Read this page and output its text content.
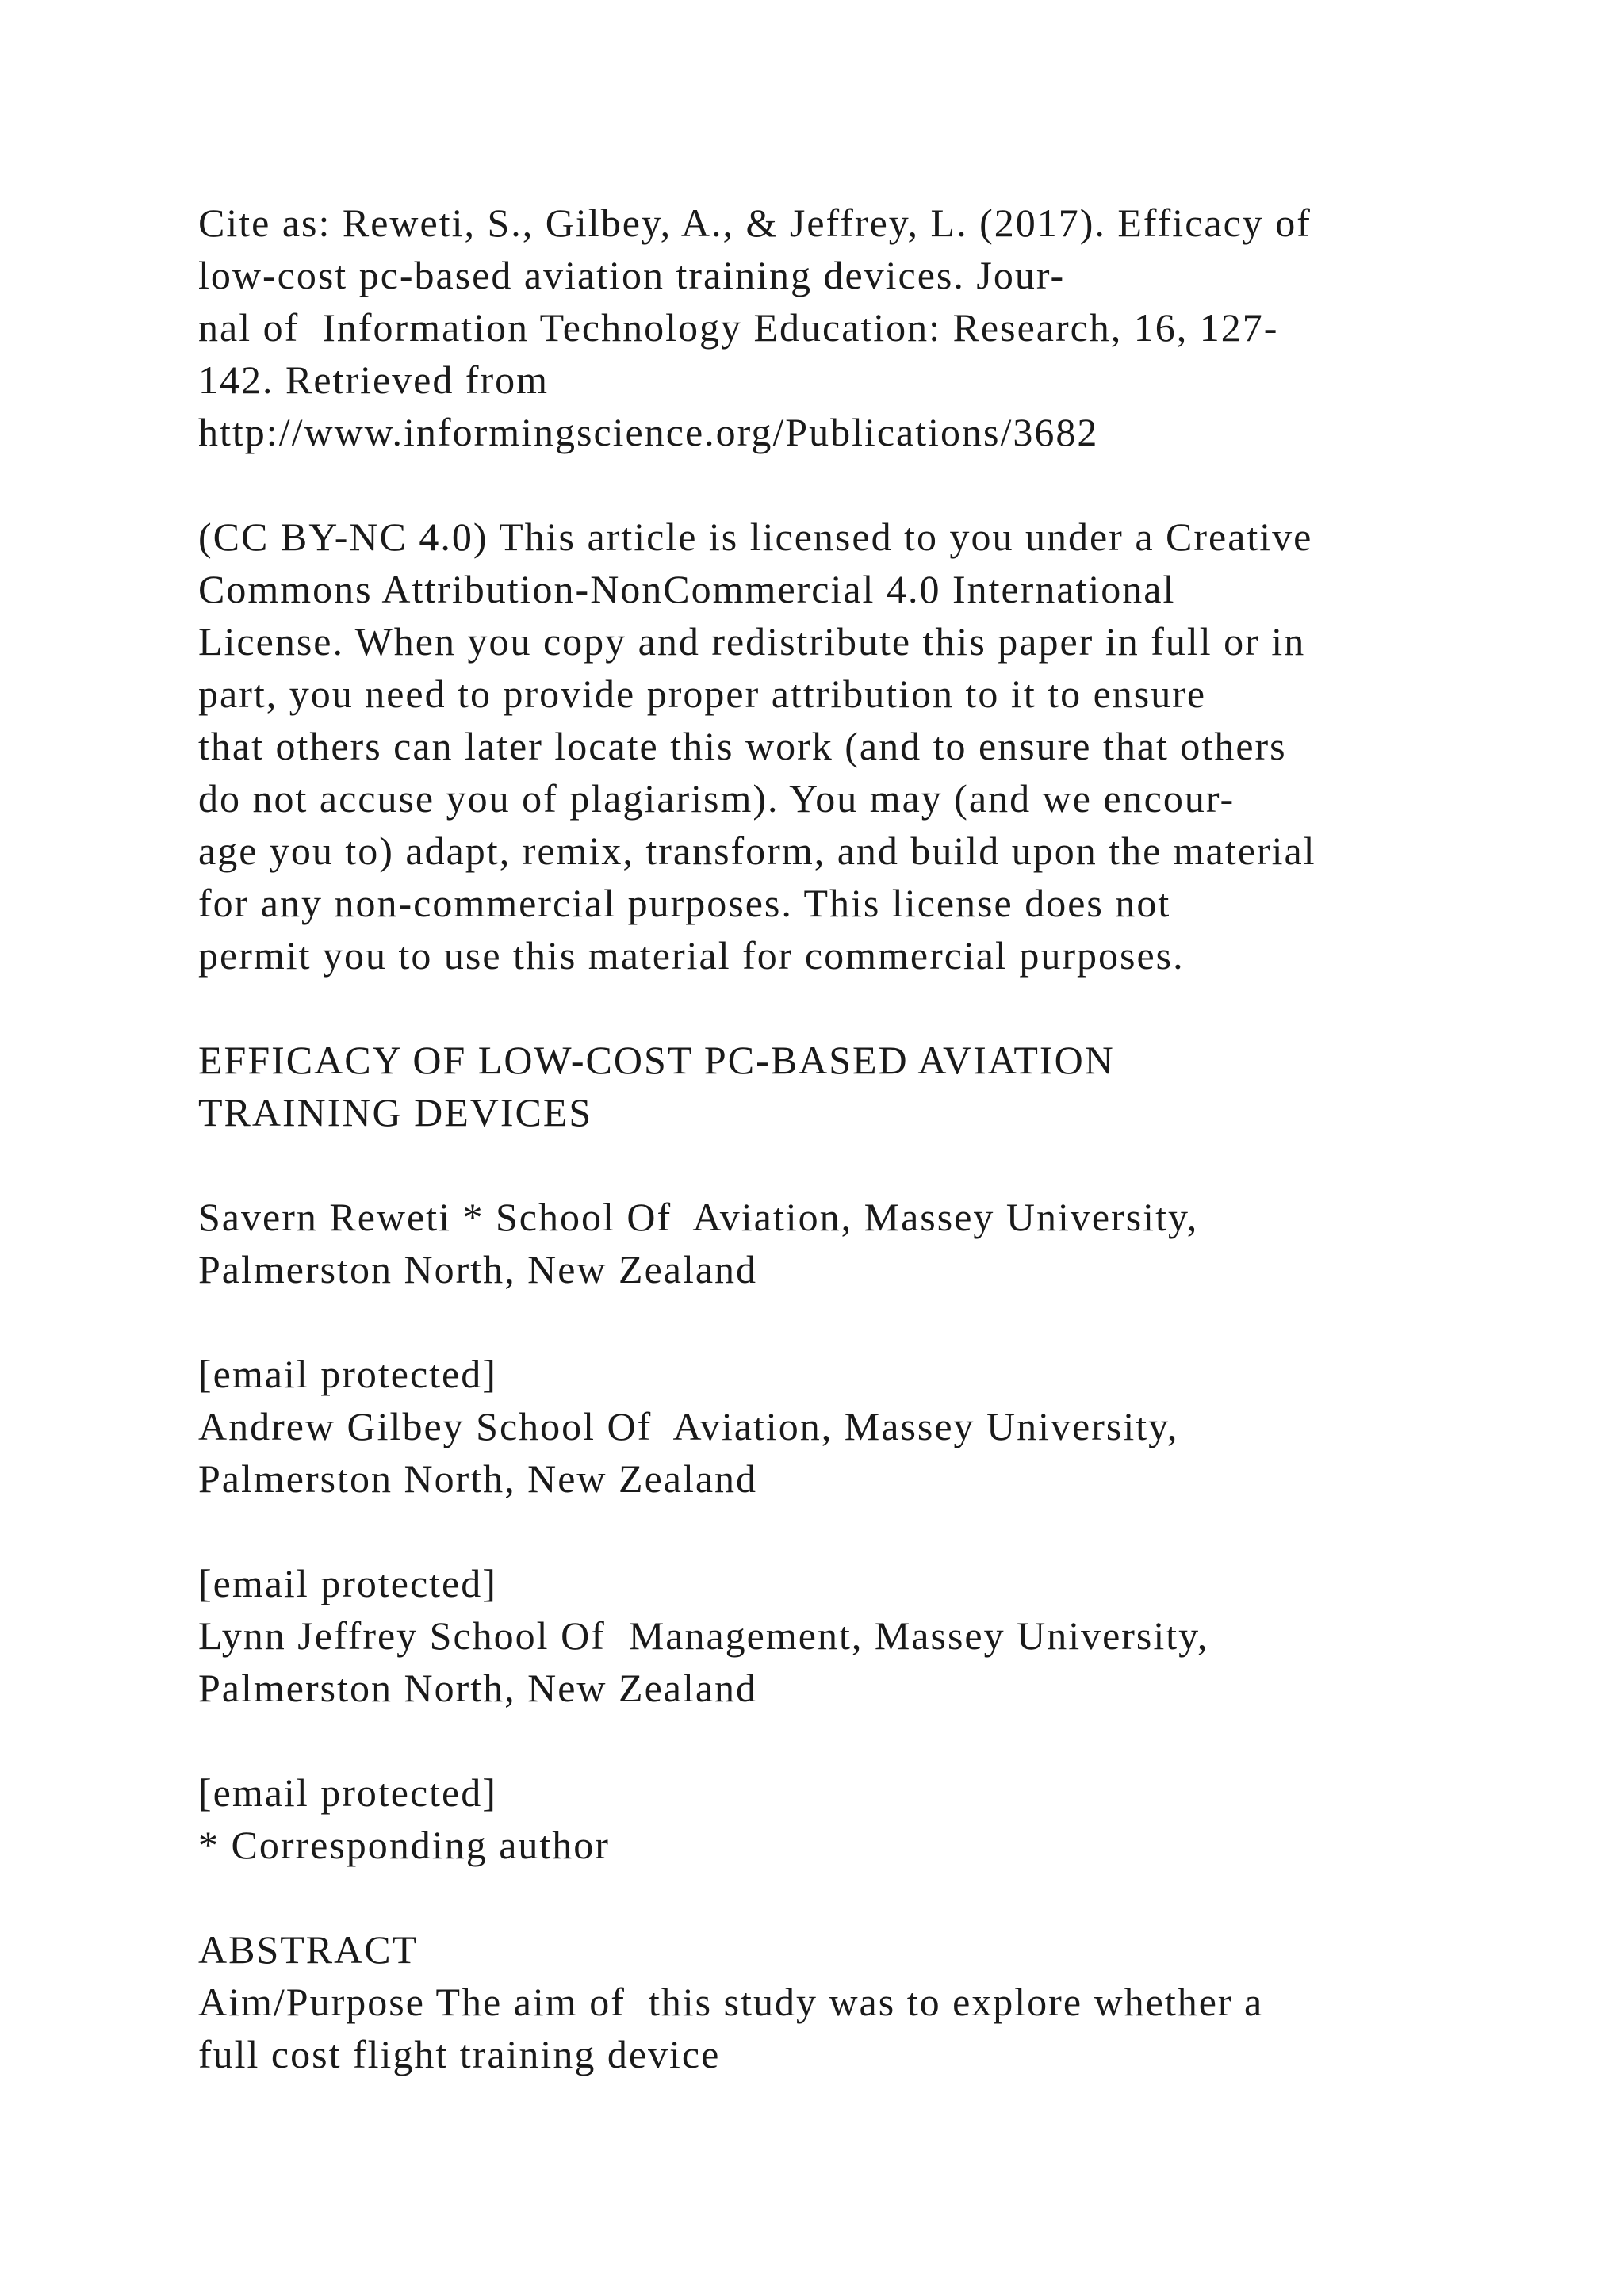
Cite as: Reweti, S., Gilbey, A., & Jeffrey, L. (2017). Efficacy of
low-cost pc-based aviation training devices. Jour-
nal of  Information Technology Education: Research, 16, 127-
142. Retrieved from
http://www.informingscience.org/Publications/3682
(CC BY-NC 4.0) This article is licensed to you under a Creative
Commons Attribution-NonCommercial 4.0 International
License. When you copy and redistribute this paper in full or in
part, you need to provide proper attribution to it to ensure
that others can later locate this work (and to ensure that others
do not accuse you of plagiarism). You may (and we encour-
age you to) adapt, remix, transform, and build upon the material
for any non-commercial purposes. This license does not
permit you to use this material for commercial purposes.
EFFICACY OF LOW-COST PC-BASED AVIATION
TRAINING DEVICES
Savern Reweti * School Of  Aviation, Massey University,
Palmerston North, New Zealand
[email protected]
Andrew Gilbey School Of  Aviation, Massey University,
Palmerston North, New Zealand
[email protected]
Lynn Jeffrey School Of  Management, Massey University,
Palmerston North, New Zealand
[email protected]
* Corresponding author
ABSTRACT
Aim/Purpose The aim of  this study was to explore whether a
full cost flight training device
